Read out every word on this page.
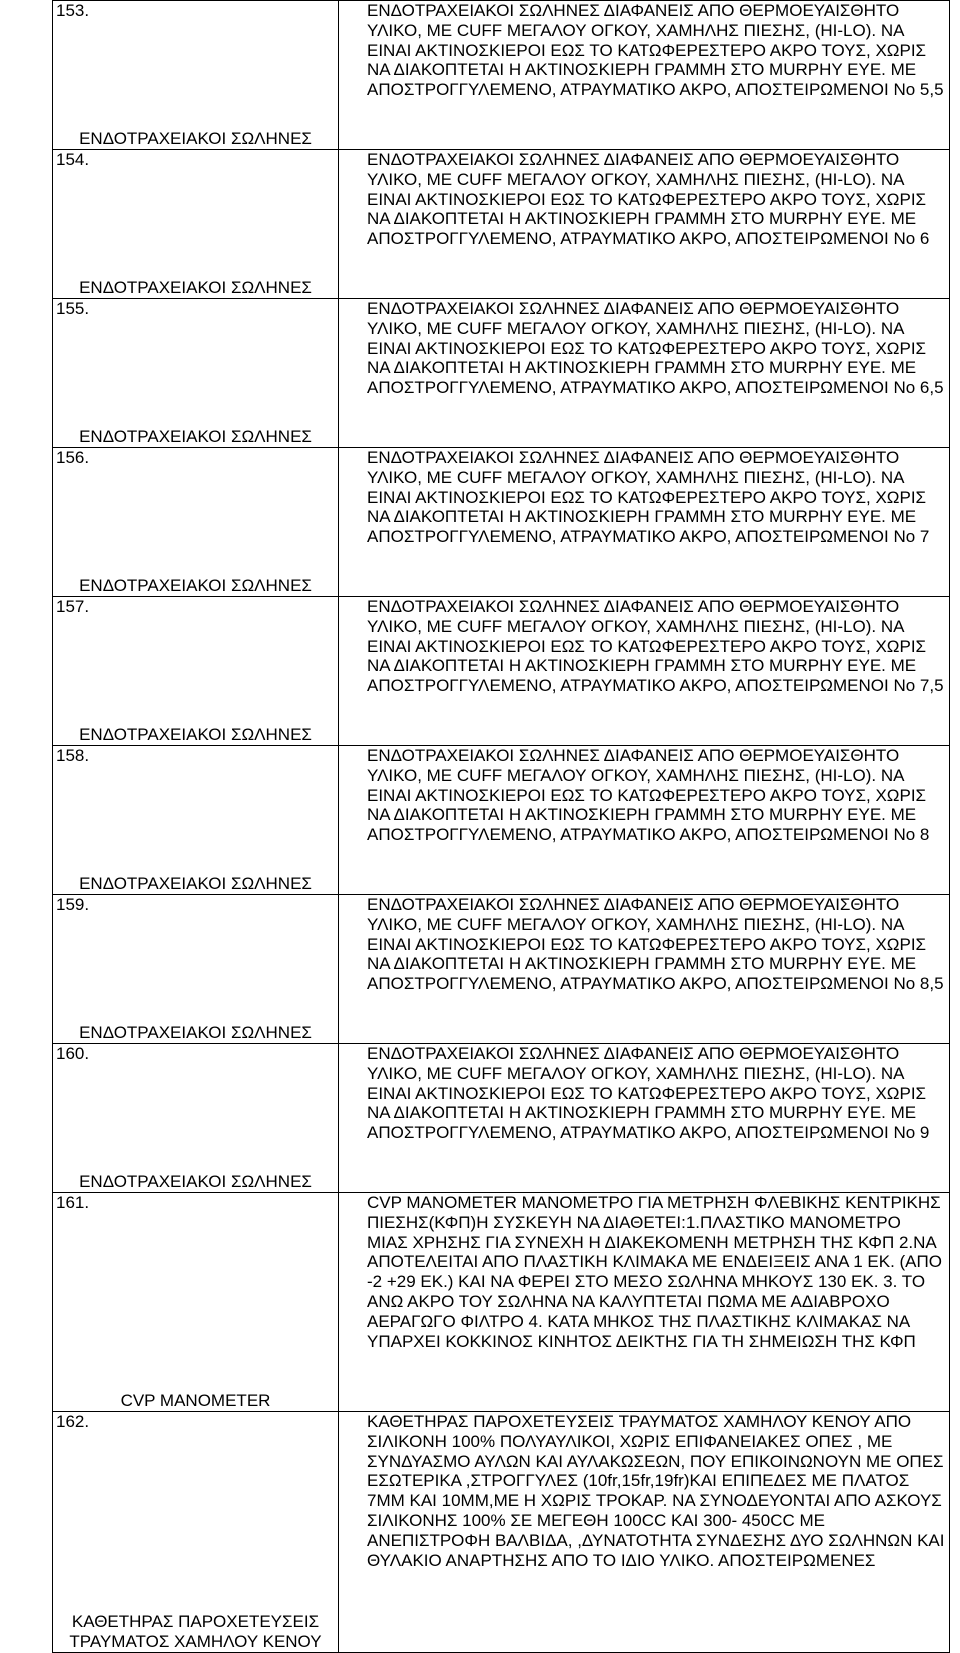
153.
ΕΝΔΟΤΡΑΧΕΙΑΚΟΙ ΣΩΛΗΝΕΣ	ΕΝΔΟΤΡΑΧΕΙΑΚΟΙ ΣΩΛΗΝΕΣ ΔΙΑΦΑΝΕΙΣ ΑΠΟ ΘΕΡΜΟΕΥΑΙΣΘΗΤΟ ΥΛΙΚΟ, ΜΕ CUFF ΜΕΓΑΛΟΥ ΟΓΚΟΥ, ΧΑΜΗΛΗΣ ΠΙΕΣΗΣ, (HI-LO). ΝΑ ΕΙΝΑΙ ΑΚΤΙΝΟΣΚΙΕΡΟΙ ΕΩΣ ΤΟ ΚΑΤΩΦΕΡΕΣΤΕΡΟ ΑΚΡΟ ΤΟΥΣ, ΧΩΡΙΣ ΝΑ ΔΙΑΚΟΠΤΕΤΑΙ Η ΑΚΤΙΝΟΣΚΙΕΡΗ ΓΡΑΜΜΗ ΣΤΟ MURPHY EYE. ΜΕ ΑΠΟΣΤΡΟΓΓΥΛΕΜΕΝΟ, ΑΤΡΑΥΜΑΤΙΚΟ ΑΚΡΟ, ΑΠΟΣΤΕΙΡΩΜΕΝΟΙ Νο 5,5

154.
ΕΝΔΟΤΡΑΧΕΙΑΚΟΙ ΣΩΛΗΝΕΣ	ΕΝΔΟΤΡΑΧΕΙΑΚΟΙ ΣΩΛΗΝΕΣ ΔΙΑΦΑΝΕΙΣ ΑΠΟ ΘΕΡΜΟΕΥΑΙΣΘΗΤΟ ΥΛΙΚΟ, ΜΕ CUFF ΜΕΓΑΛΟΥ ΟΓΚΟΥ, ΧΑΜΗΛΗΣ ΠΙΕΣΗΣ, (HI-LO). ΝΑ ΕΙΝΑΙ ΑΚΤΙΝΟΣΚΙΕΡΟΙ ΕΩΣ ΤΟ ΚΑΤΩΦΕΡΕΣΤΕΡΟ ΑΚΡΟ ΤΟΥΣ, ΧΩΡΙΣ ΝΑ ΔΙΑΚΟΠΤΕΤΑΙ Η ΑΚΤΙΝΟΣΚΙΕΡΗ ΓΡΑΜΜΗ ΣΤΟ MURPHY EYE. ΜΕ ΑΠΟΣΤΡΟΓΓΥΛΕΜΕΝΟ, ΑΤΡΑΥΜΑΤΙΚΟ ΑΚΡΟ, ΑΠΟΣΤΕΙΡΩΜΕΝΟΙ Νο 6

155.
ΕΝΔΟΤΡΑΧΕΙΑΚΟΙ ΣΩΛΗΝΕΣ	ΕΝΔΟΤΡΑΧΕΙΑΚΟΙ ΣΩΛΗΝΕΣ ΔΙΑΦΑΝΕΙΣ ΑΠΟ ΘΕΡΜΟΕΥΑΙΣΘΗΤΟ ΥΛΙΚΟ, ΜΕ CUFF ΜΕΓΑΛΟΥ ΟΓΚΟΥ, ΧΑΜΗΛΗΣ ΠΙΕΣΗΣ, (HI-LO). ΝΑ ΕΙΝΑΙ ΑΚΤΙΝΟΣΚΙΕΡΟΙ ΕΩΣ ΤΟ ΚΑΤΩΦΕΡΕΣΤΕΡΟ ΑΚΡΟ ΤΟΥΣ, ΧΩΡΙΣ ΝΑ ΔΙΑΚΟΠΤΕΤΑΙ Η ΑΚΤΙΝΟΣΚΙΕΡΗ ΓΡΑΜΜΗ ΣΤΟ MURPHY EYE. ΜΕ ΑΠΟΣΤΡΟΓΓΥΛΕΜΕΝΟ, ΑΤΡΑΥΜΑΤΙΚΟ ΑΚΡΟ, ΑΠΟΣΤΕΙΡΩΜΕΝΟΙ Νο 6,5

156.
ΕΝΔΟΤΡΑΧΕΙΑΚΟΙ ΣΩΛΗΝΕΣ	ΕΝΔΟΤΡΑΧΕΙΑΚΟΙ ΣΩΛΗΝΕΣ ΔΙΑΦΑΝΕΙΣ ΑΠΟ ΘΕΡΜΟΕΥΑΙΣΘΗΤΟ ΥΛΙΚΟ, ΜΕ CUFF ΜΕΓΑΛΟΥ ΟΓΚΟΥ, ΧΑΜΗΛΗΣ ΠΙΕΣΗΣ, (HI-LO). ΝΑ ΕΙΝΑΙ ΑΚΤΙΝΟΣΚΙΕΡΟΙ ΕΩΣ ΤΟ ΚΑΤΩΦΕΡΕΣΤΕΡΟ ΑΚΡΟ ΤΟΥΣ, ΧΩΡΙΣ ΝΑ ΔΙΑΚΟΠΤΕΤΑΙ Η ΑΚΤΙΝΟΣΚΙΕΡΗ ΓΡΑΜΜΗ ΣΤΟ MURPHY EYE. ΜΕ ΑΠΟΣΤΡΟΓΓΥΛΕΜΕΝΟ, ΑΤΡΑΥΜΑΤΙΚΟ ΑΚΡΟ, ΑΠΟΣΤΕΙΡΩΜΕΝΟΙ Νο 7

157.
ΕΝΔΟΤΡΑΧΕΙΑΚΟΙ ΣΩΛΗΝΕΣ	ΕΝΔΟΤΡΑΧΕΙΑΚΟΙ ΣΩΛΗΝΕΣ ΔΙΑΦΑΝΕΙΣ ΑΠΟ ΘΕΡΜΟΕΥΑΙΣΘΗΤΟ ΥΛΙΚΟ, ΜΕ CUFF ΜΕΓΑΛΟΥ ΟΓΚΟΥ, ΧΑΜΗΛΗΣ ΠΙΕΣΗΣ, (HI-LO). ΝΑ ΕΙΝΑΙ ΑΚΤΙΝΟΣΚΙΕΡΟΙ ΕΩΣ ΤΟ ΚΑΤΩΦΕΡΕΣΤΕΡΟ ΑΚΡΟ ΤΟΥΣ, ΧΩΡΙΣ ΝΑ ΔΙΑΚΟΠΤΕΤΑΙ Η ΑΚΤΙΝΟΣΚΙΕΡΗ ΓΡΑΜΜΗ ΣΤΟ MURPHY EYE. ΜΕ ΑΠΟΣΤΡΟΓΓΥΛΕΜΕΝΟ, ΑΤΡΑΥΜΑΤΙΚΟ ΑΚΡΟ, ΑΠΟΣΤΕΙΡΩΜΕΝΟΙ Νο 7,5

158.
ΕΝΔΟΤΡΑΧΕΙΑΚΟΙ ΣΩΛΗΝΕΣ	ΕΝΔΟΤΡΑΧΕΙΑΚΟΙ ΣΩΛΗΝΕΣ ΔΙΑΦΑΝΕΙΣ ΑΠΟ ΘΕΡΜΟΕΥΑΙΣΘΗΤΟ ΥΛΙΚΟ, ΜΕ CUFF ΜΕΓΑΛΟΥ ΟΓΚΟΥ, ΧΑΜΗΛΗΣ ΠΙΕΣΗΣ, (HI-LO). ΝΑ ΕΙΝΑΙ ΑΚΤΙΝΟΣΚΙΕΡΟΙ ΕΩΣ ΤΟ ΚΑΤΩΦΕΡΕΣΤΕΡΟ ΑΚΡΟ ΤΟΥΣ, ΧΩΡΙΣ ΝΑ ΔΙΑΚΟΠΤΕΤΑΙ Η ΑΚΤΙΝΟΣΚΙΕΡΗ ΓΡΑΜΜΗ ΣΤΟ MURPHY EYE. ΜΕ ΑΠΟΣΤΡΟΓΓΥΛΕΜΕΝΟ, ΑΤΡΑΥΜΑΤΙΚΟ ΑΚΡΟ, ΑΠΟΣΤΕΙΡΩΜΕΝΟΙ Νο 8

159.
ΕΝΔΟΤΡΑΧΕΙΑΚΟΙ ΣΩΛΗΝΕΣ	ΕΝΔΟΤΡΑΧΕΙΑΚΟΙ ΣΩΛΗΝΕΣ ΔΙΑΦΑΝΕΙΣ ΑΠΟ ΘΕΡΜΟΕΥΑΙΣΘΗΤΟ ΥΛΙΚΟ, ΜΕ CUFF ΜΕΓΑΛΟΥ ΟΓΚΟΥ, ΧΑΜΗΛΗΣ ΠΙΕΣΗΣ, (HI-LO). ΝΑ ΕΙΝΑΙ ΑΚΤΙΝΟΣΚΙΕΡΟΙ ΕΩΣ ΤΟ ΚΑΤΩΦΕΡΕΣΤΕΡΟ ΑΚΡΟ ΤΟΥΣ, ΧΩΡΙΣ ΝΑ ΔΙΑΚΟΠΤΕΤΑΙ Η ΑΚΤΙΝΟΣΚΙΕΡΗ ΓΡΑΜΜΗ ΣΤΟ MURPHY EYE. ΜΕ ΑΠΟΣΤΡΟΓΓΥΛΕΜΕΝΟ, ΑΤΡΑΥΜΑΤΙΚΟ ΑΚΡΟ, ΑΠΟΣΤΕΙΡΩΜΕΝΟΙ Νο 8,5

160.
ΕΝΔΟΤΡΑΧΕΙΑΚΟΙ ΣΩΛΗΝΕΣ	ΕΝΔΟΤΡΑΧΕΙΑΚΟΙ ΣΩΛΗΝΕΣ ΔΙΑΦΑΝΕΙΣ ΑΠΟ ΘΕΡΜΟΕΥΑΙΣΘΗΤΟ ΥΛΙΚΟ, ΜΕ CUFF ΜΕΓΑΛΟΥ ΟΓΚΟΥ, ΧΑΜΗΛΗΣ ΠΙΕΣΗΣ, (HI-LO). ΝΑ ΕΙΝΑΙ ΑΚΤΙΝΟΣΚΙΕΡΟΙ ΕΩΣ ΤΟ ΚΑΤΩΦΕΡΕΣΤΕΡΟ ΑΚΡΟ ΤΟΥΣ, ΧΩΡΙΣ ΝΑ ΔΙΑΚΟΠΤΕΤΑΙ Η ΑΚΤΙΝΟΣΚΙΕΡΗ ΓΡΑΜΜΗ ΣΤΟ MURPHY EYE. ΜΕ ΑΠΟΣΤΡΟΓΓΥΛΕΜΕΝΟ, ΑΤΡΑΥΜΑΤΙΚΟ ΑΚΡΟ, ΑΠΟΣΤΕΙΡΩΜΕΝΟΙ Νο 9

161.
CVP MANOMETER	CVP MANOMETER ΜΑΝΟΜΕΤΡΟ ΓΙΑ ΜΕΤΡΗΣΗ ΦΛΕΒΙΚΗΣ ΚΕΝΤΡΙΚΗΣ ΠΙΕΣΗΣ(ΚΦΠ)Η ΣΥΣΚΕΥΗ ΝΑ ΔΙΑΘΕΤΕΙ:1.ΠΛΑΣΤΙΚΟ ΜΑΝΟΜΕΤΡΟ ΜΙΑΣ ΧΡΗΣΗΣ ΓΙΑ ΣΥΝΕΧΗ Η ΔΙΑΚΕΚΟΜΕΝΗ ΜΕΤΡΗΣΗ ΤΗΣ ΚΦΠ 2.ΝΑ ΑΠΟΤΕΛΕΙΤΑΙ ΑΠΟ ΠΛΑΣΤΙΚΗ ΚΛΙΜΑΚΑ ΜΕ ΕΝΔΕΙΞΕΙΣ ΑΝΑ 1 ΕΚ. (ΑΠΟ -2 +29 ΕΚ.) ΚΑΙ ΝΑ ΦΕΡΕΙ ΣΤΟ ΜΕΣΟ ΣΩΛΗΝΑ ΜΗΚΟΥΣ 130 ΕΚ. 3. ΤΟ ΑΝΩ ΑΚΡΟ ΤΟΥ ΣΩΛΗΝΑ ΝΑ ΚΑΛΥΠΤΕΤΑΙ ΠΩΜΑ ΜΕ ΑΔΙΑΒΡΟΧΟ ΑΕΡΑΓΩΓΟ ΦΙΛΤΡΟ 4. ΚΑΤΑ ΜΗΚΟΣ ΤΗΣ ΠΛΑΣΤΙΚΗΣ ΚΛΙΜΑΚΑΣ ΝΑ ΥΠΑΡΧΕΙ ΚΟΚΚΙΝΟΣ ΚΙΝΗΤΟΣ ΔΕΙΚΤΗΣ ΓΙΑ ΤΗ ΣΗΜΕΙΩΣΗ ΤΗΣ ΚΦΠ

162.
ΚΑΘΕΤΗΡΑΣ ΠΑΡΟΧΕΤΕΥΣΕΙΣ ΤΡΑΥΜΑΤΟΣ ΧΑΜΗΛΟΥ ΚΕΝΟΥ	ΚΑΘΕΤΗΡΑΣ ΠΑΡΟΧΕΤΕΥΣΕΙΣ ΤΡΑΥΜΑΤΟΣ ΧΑΜΗΛΟΥ ΚΕΝΟΥ ΑΠΟ ΣΙΛΙΚΟΝΗ 100% ΠΟΛΥΑΥΛΙΚΟΙ, ΧΩΡΙΣ ΕΠΙΦΑΝΕΙΑΚΕΣ ΟΠΕΣ , ΜΕ ΣΥΝΔΥΑΣΜΟ ΑΥΛΩΝ ΚΑΙ ΑΥΛΑΚΩΣΕΩΝ, ΠΟΥ ΕΠΙΚΟΙΝΩΝΟΥΝ ΜΕ ΟΠΕΣ ΕΣΩΤΕΡΙΚΑ ,ΣΤΡΟΓΓΥΛΕΣ (10fr,15fr,19fr)ΚΑΙ ΕΠΙΠΕΔΕΣ ΜΕ ΠΛΑΤΟΣ 7ΜΜ ΚΑΙ 10ΜΜ,ΜΕ Η ΧΩΡΙΣ ΤΡΟΚΑΡ. ΝΑ ΣΥΝΟΔΕΥΟΝΤΑΙ ΑΠΟ ΑΣΚΟΥΣ ΣΙΛΙΚΟΝΗΣ 100% ΣΕ ΜΕΓΕΘΗ 100CC ΚΑΙ 300- 450CC ΜΕ ΑΝΕΠΙΣΤΡΟΦΗ ΒΑΛΒΙΔΑ, ,ΔΥΝΑΤΟΤΗΤΑ ΣΥΝΔΕΣΗΣ ΔΥΟ ΣΩΛΗΝΩΝ ΚΑΙ ΘΥΛΑΚΙΟ ΑΝΑΡΤΗΣΗΣ ΑΠΟ ΤΟ ΙΔΙΟ ΥΛΙΚΟ. ΑΠΟΣΤΕΙΡΩΜΕΝΕΣ
